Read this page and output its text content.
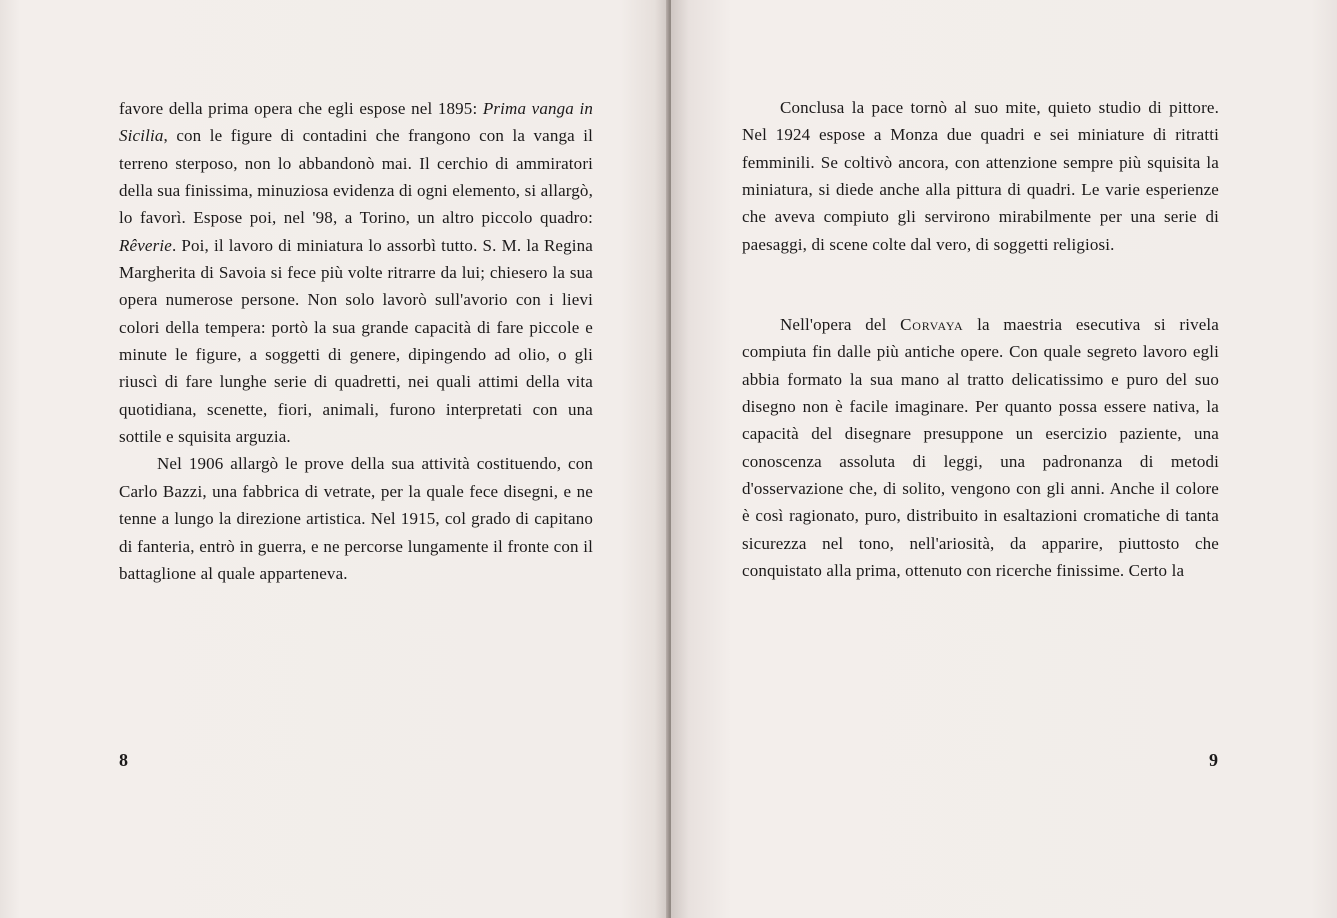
favore della prima opera che egli espose nel 1895: Prima vanga in Sicilia, con le figure di contadini che frangono con la vanga il terreno sterposo, non lo abbandonò mai. Il cerchio di ammiratori della sua finissima, minuziosa evidenza di ogni elemento, si allargò, lo favorì. Espose poi, nel '98, a Torino, un altro piccolo quadro: Rêverie. Poi, il lavoro di miniatura lo assorbì tutto. S. M. la Regina Margherita di Savoia si fece più volte ritrarre da lui; chiesero la sua opera numerose persone. Non solo lavorò sull'avorio con i lievi colori della tempera: portò la sua grande capacità di fare piccole e minute le figure, a soggetti di genere, dipingendo ad olio, o gli riuscì di fare lunghe serie di quadretti, nei quali attimi della vita quotidiana, scenette, fiori, animali, furono interpretati con una sottile e squisita arguzia.

Nel 1906 allargò le prove della sua attività costituendo, con Carlo Bazzi, una fabbrica di vetrate, per la quale fece disegni, e ne tenne a lungo la direzione artistica. Nel 1915, col grado di capitano di fanteria, entrò in guerra, e ne percorse lungamente il fronte con il battaglione al quale apparteneva.

8

Conclusa la pace tornò al suo mite, quieto studio di pittore. Nel 1924 espose a Monza due quadri e sei miniature di ritratti femminili. Se coltivò ancora, con attenzione sempre più squisita la miniatura, si diede anche alla pittura di quadri. Le varie esperienze che aveva compiuto gli servirono mirabilmente per una serie di paesaggi, di scene colte dal vero, di soggetti religiosi.

Nell'opera del Corvaya la maestria esecutiva si rivela compiuta fin dalle più antiche opere. Con quale segreto lavoro egli abbia formato la sua mano al tratto delicatissimo e puro del suo disegno non è facile imaginare. Per quanto possa essere nativa, la capacità del disegnare presuppone un esercizio paziente, una conoscenza assoluta di leggi, una padronanza di metodi d'osservazione che, di solito, vengono con gli anni. Anche il colore è così ragionato, puro, distribuito in esaltazioni cromatiche di tanta sicurezza nel tono, nell'ariosità, da apparire, piuttosto che conquistato alla prima, ottenuto con ricerche finissime. Certo la

9
